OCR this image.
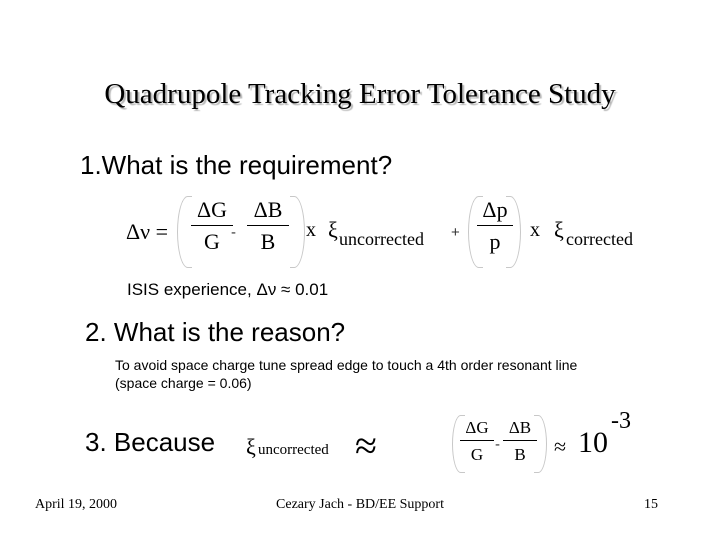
Quadrupole Tracking Error Tolerance Study
1.What is the requirement?
Δν =
ΔG
G -
ΔB
B	x ξ uncorrected +
Δp
p	x ξ corrected
ISIS experience, Δν ≈ 0.01
2. What is the reason?
To avoid space charge tune spread edge to touch a 4th order resonant line
(space charge = 0.06)
3. Because ξ uncorrected ≈	ΔG
G
-
ΔB
B	≈ 10
-3
April 19, 2000	Cezary Jach - BD/EE Support	15
